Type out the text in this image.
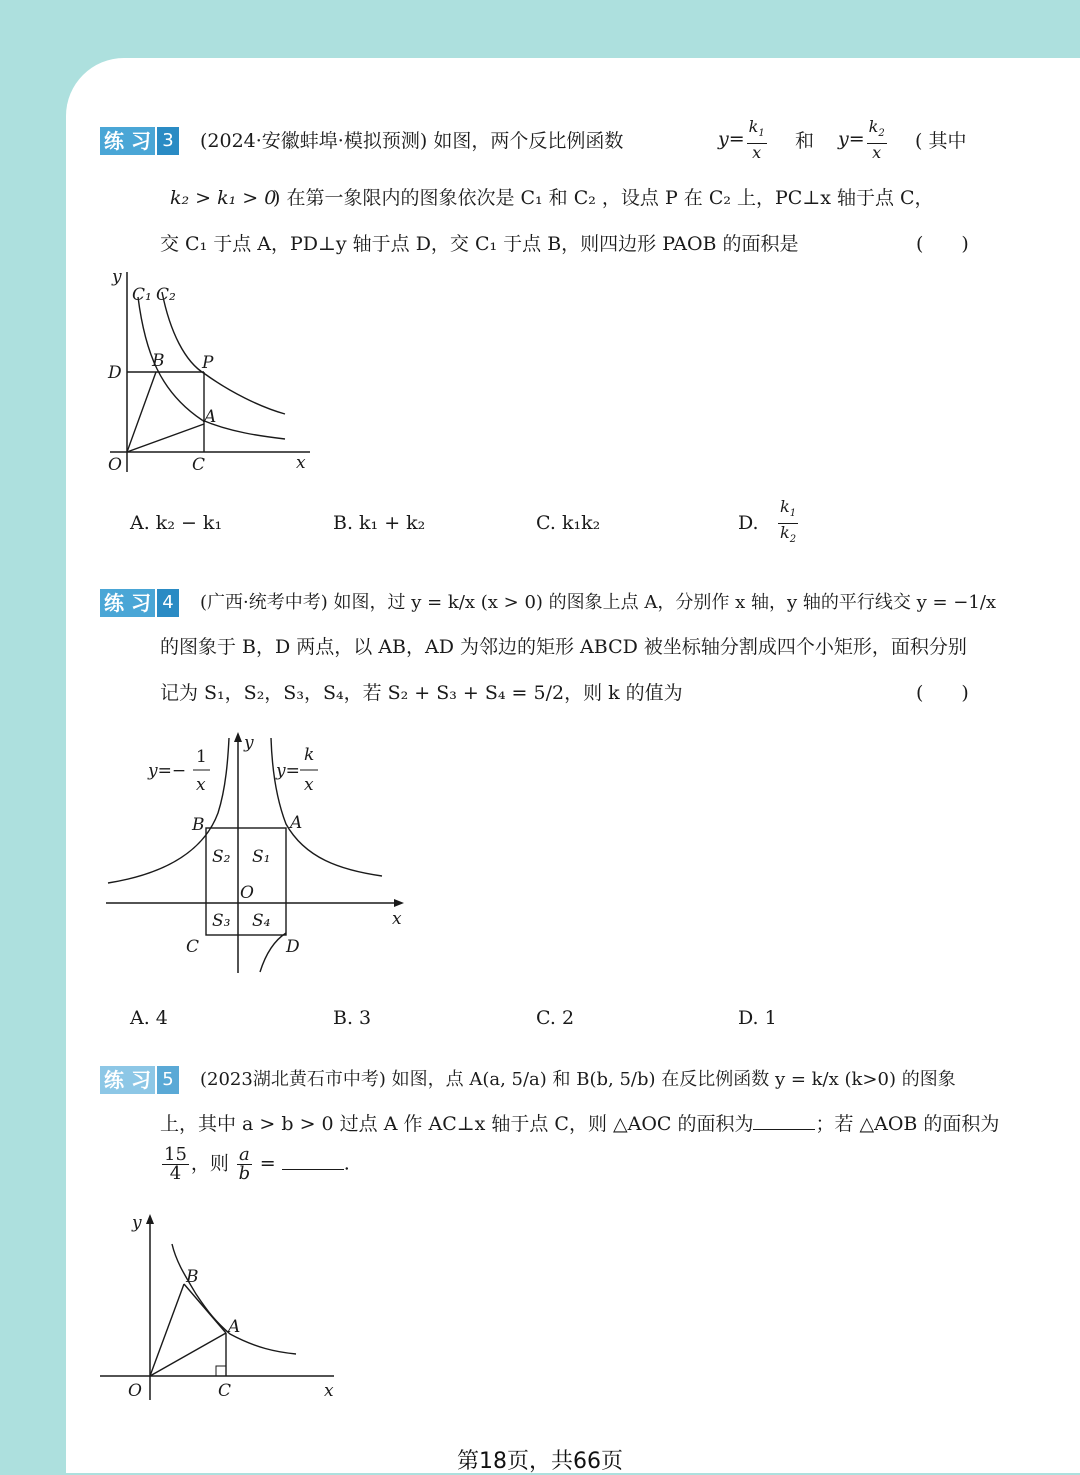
练 习 3 (2024·安徽蚌埠·模拟预测) 如图，两个反比例函数	$y= \frac{k_1}{x}$ 和 $y= \frac{k_2}{x}$ ( 其中
k₂ > k₁ > 0
) 在第一象限内的图象依次是 C₁ 和 C₂ ，设点 P 在 C₂ 上，PC⊥x 轴于点 C，
交 C₁ 于点 A，PD⊥y 轴于点 D，交 C₁ 于点 B，则四边形 PAOB 的面积是	(　　)
y
C₁ C₂
D
B P
A
O	C	x
A. k₂ − k₁	B. k₁ + k₂	C. k₁k₂	D. $\frac{k_1}{k_2}$
练 习 4 (广西·统考中考) 如图，过 y = k/x (x > 0) 的图象上点 A，分别作 x 轴，y 轴的平行线交 y = −1/x
的图象于 B，D 两点，以 AB，AD 为邻边的矩形 ABCD 被坐标轴分割成四个小矩形，面积分别
记为 S₁，S₂，S₃，S₄，若 S₂ + S₃ + S₄ = 5/2，则 k 的值为	(　　)
y=−
1
x
y=
k
x
y
x
B	A
C	D
O
S₁
S₂
S₃ S₄
A. 4	B. 3	C. 2	D. 1
练 习 5 (2023湖北黄石市中考) 如图，点 A(a, 5/a) 和 B(b, 5/b) 在反比例函数 y = k/x (k>0) 的图象
上，其中 a > b > 0 过点 A 作 AC⊥x 轴于点 C，则 △AOC 的面积为	；若 △AOB 的面积为
$\frac{15}{4}$ ，则 $\frac{a}{b}$ =	.
y
B
A
O	C	x
第18页，共66页
